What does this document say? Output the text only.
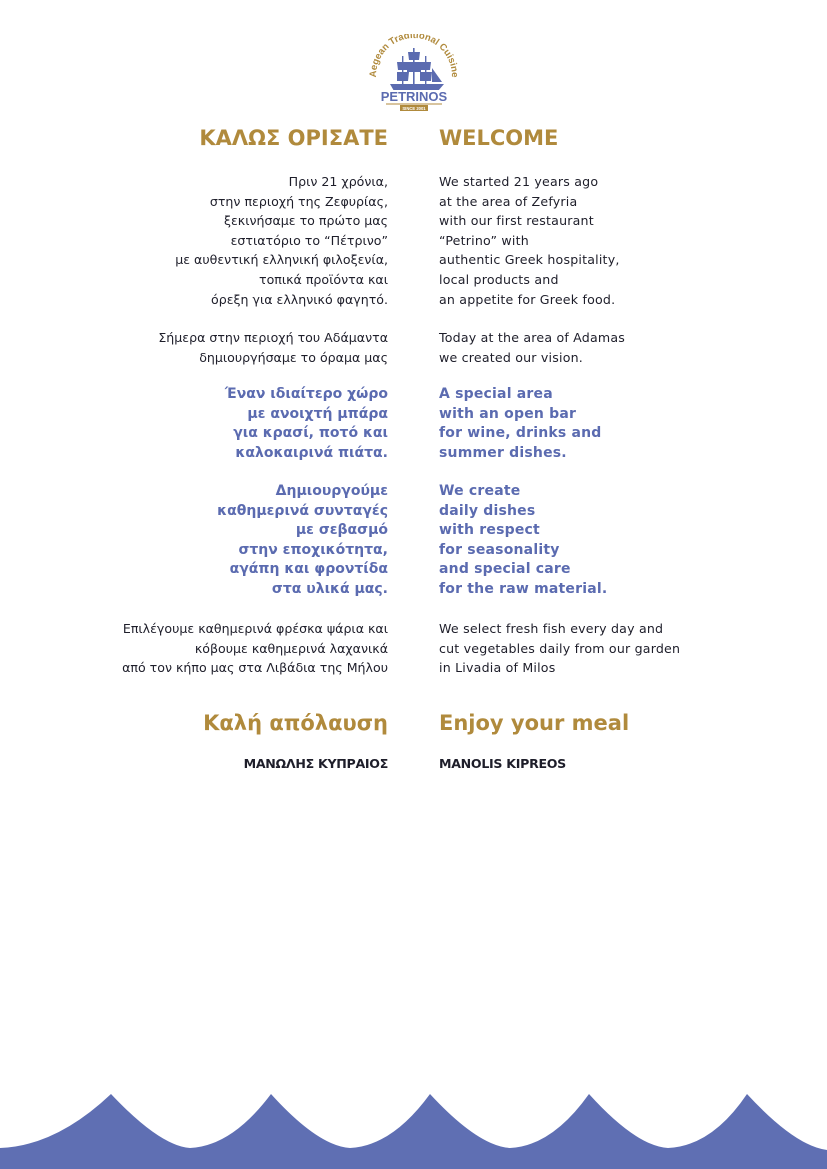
Aegean Traditional Cuisine
PETRINOS
SINCE 2001
ΚΑΛΩΣ ΟΡΙΣΑΤΕ
Πριν 21 χρόνια,
στην περιοχή της Ζεφυρίας,
ξεκινήσαμε το πρώτο μας
εστιατόριο το “Πέτρινο”
με αυθεντική ελληνική φιλοξενία,
τοπικά προϊόντα και
όρεξη για ελληνικό φαγητό.
Σήμερα στην περιοχή του Αδάμαντα
δημιουργήσαμε το όραμα μας
Έναν ιδιαίτερο χώρο
με ανοιχτή μπάρα
για κρασί, ποτό και
καλοκαιρινά πιάτα.
Δημιουργούμε
καθημερινά συνταγές
με σεβασμό
στην εποχικότητα,
αγάπη και φροντίδα
στα υλικά μας.
Επιλέγουμε καθημερινά φρέσκα ψάρια και
κόβουμε καθημερινά λαχανικά
από τον κήπο μας στα Λιβάδια της Μήλου
Καλή απόλαυση
ΜΑΝΩΛΗΣ ΚΥΠΡΑΙΟΣ
WELCOME
We started 21 years ago
at the area of Zefyria
with our first restaurant
“Petrino” with
authentic Greek hospitality,
local products and
an appetite for Greek food.
Today at the area of Adamas
we created our vision.
A special area
with an open bar
for wine, drinks and
summer dishes.
We create
daily dishes
with respect
for seasonality
and special care
for the raw material.
We select fresh fish every day and
cut vegetables daily from our garden
in Livadia of Milos
Enjoy your meal
MANOLIS KIPREOS
